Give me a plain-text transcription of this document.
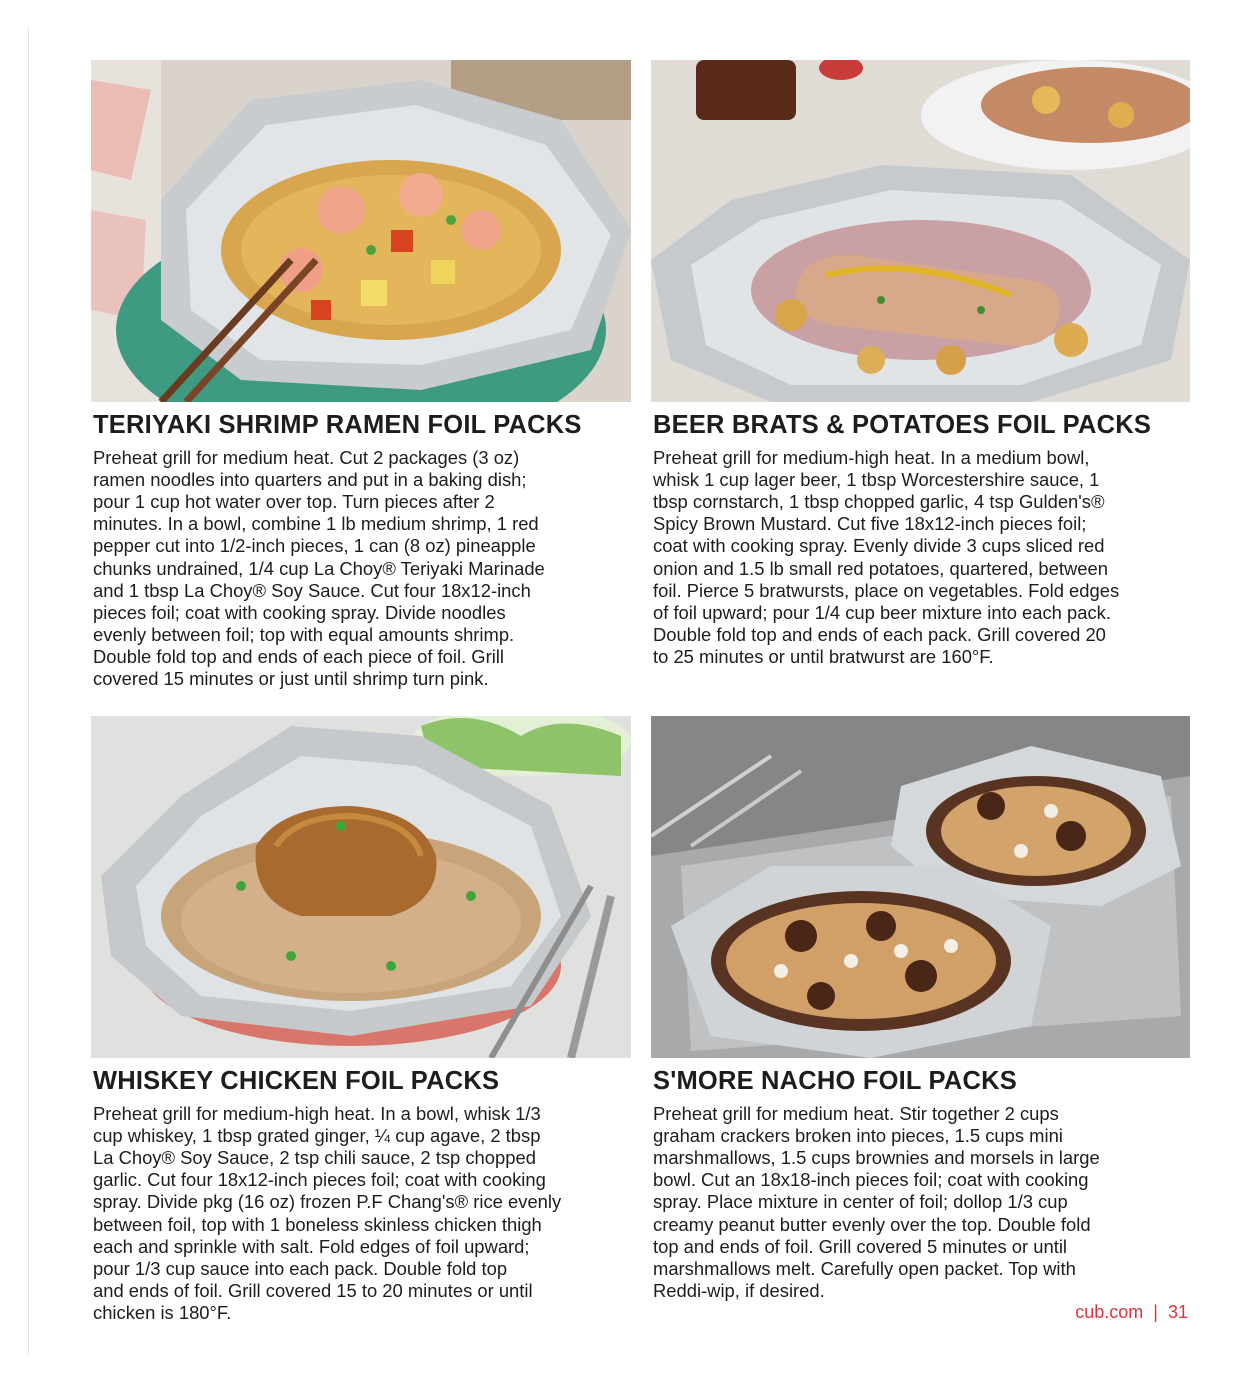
TERIYAKI SHRIMP RAMEN FOIL PACKS
Preheat grill for medium heat. Cut 2 packages (3 oz)
ramen noodles into quarters and put in a baking dish;
pour 1 cup hot water over top. Turn pieces after 2
minutes. In a bowl, combine 1 lb medium shrimp, 1 red
pepper cut into 1/2-inch pieces, 1 can (8 oz) pineapple
chunks undrained, 1/4 cup La Choy® Teriyaki Marinade
and 1 tbsp La Choy® Soy Sauce. Cut four 18x12-inch
pieces foil; coat with cooking spray. Divide noodles
evenly between foil; top with equal amounts shrimp.
Double fold top and ends of each piece of foil. Grill
covered 15 minutes or just until shrimp turn pink.
BEER BRATS & POTATOES FOIL PACKS
Preheat grill for medium-high heat. In a medium bowl,
whisk 1 cup lager beer, 1 tbsp Worcestershire sauce, 1
tbsp cornstarch, 1 tbsp chopped garlic, 4 tsp Gulden's®
Spicy Brown Mustard. Cut five 18x12-inch pieces foil;
coat with cooking spray. Evenly divide 3 cups sliced red
onion and 1.5 lb small red potatoes, quartered, between
foil. Pierce 5 bratwursts, place on vegetables. Fold edges
of foil upward; pour 1/4 cup beer mixture into each pack.
Double fold top and ends of each pack. Grill covered 20
to 25 minutes or until bratwurst are 160°F.
WHISKEY CHICKEN FOIL PACKS
Preheat grill for medium-high heat. In a bowl, whisk 1/3
cup whiskey, 1 tbsp grated ginger, ¼ cup agave, 2 tbsp
La Choy® Soy Sauce, 2 tsp chili sauce, 2 tsp chopped
garlic. Cut four 18x12-inch pieces foil; coat with cooking
spray. Divide pkg (16 oz) frozen P.F Chang's® rice evenly
between foil, top with 1 boneless skinless chicken thigh
each and sprinkle with salt. Fold edges of foil upward;
pour 1/3 cup sauce into each pack. Double fold top
and ends of foil. Grill covered 15 to 20 minutes or until
chicken is 180°F.
S'MORE NACHO FOIL PACKS
Preheat grill for medium heat. Stir together 2 cups
graham crackers broken into pieces, 1.5 cups mini
marshmallows, 1.5 cups brownies and morsels in large
bowl. Cut an 18x18-inch pieces foil; coat with cooking
spray. Place mixture in center of foil; dollop 1/3 cup
creamy peanut butter evenly over the top. Double fold
top and ends of foil. Grill covered 5 minutes or until
marshmallows melt. Carefully open packet. Top with
Reddi-wip, if desired.
cub.com | 31
